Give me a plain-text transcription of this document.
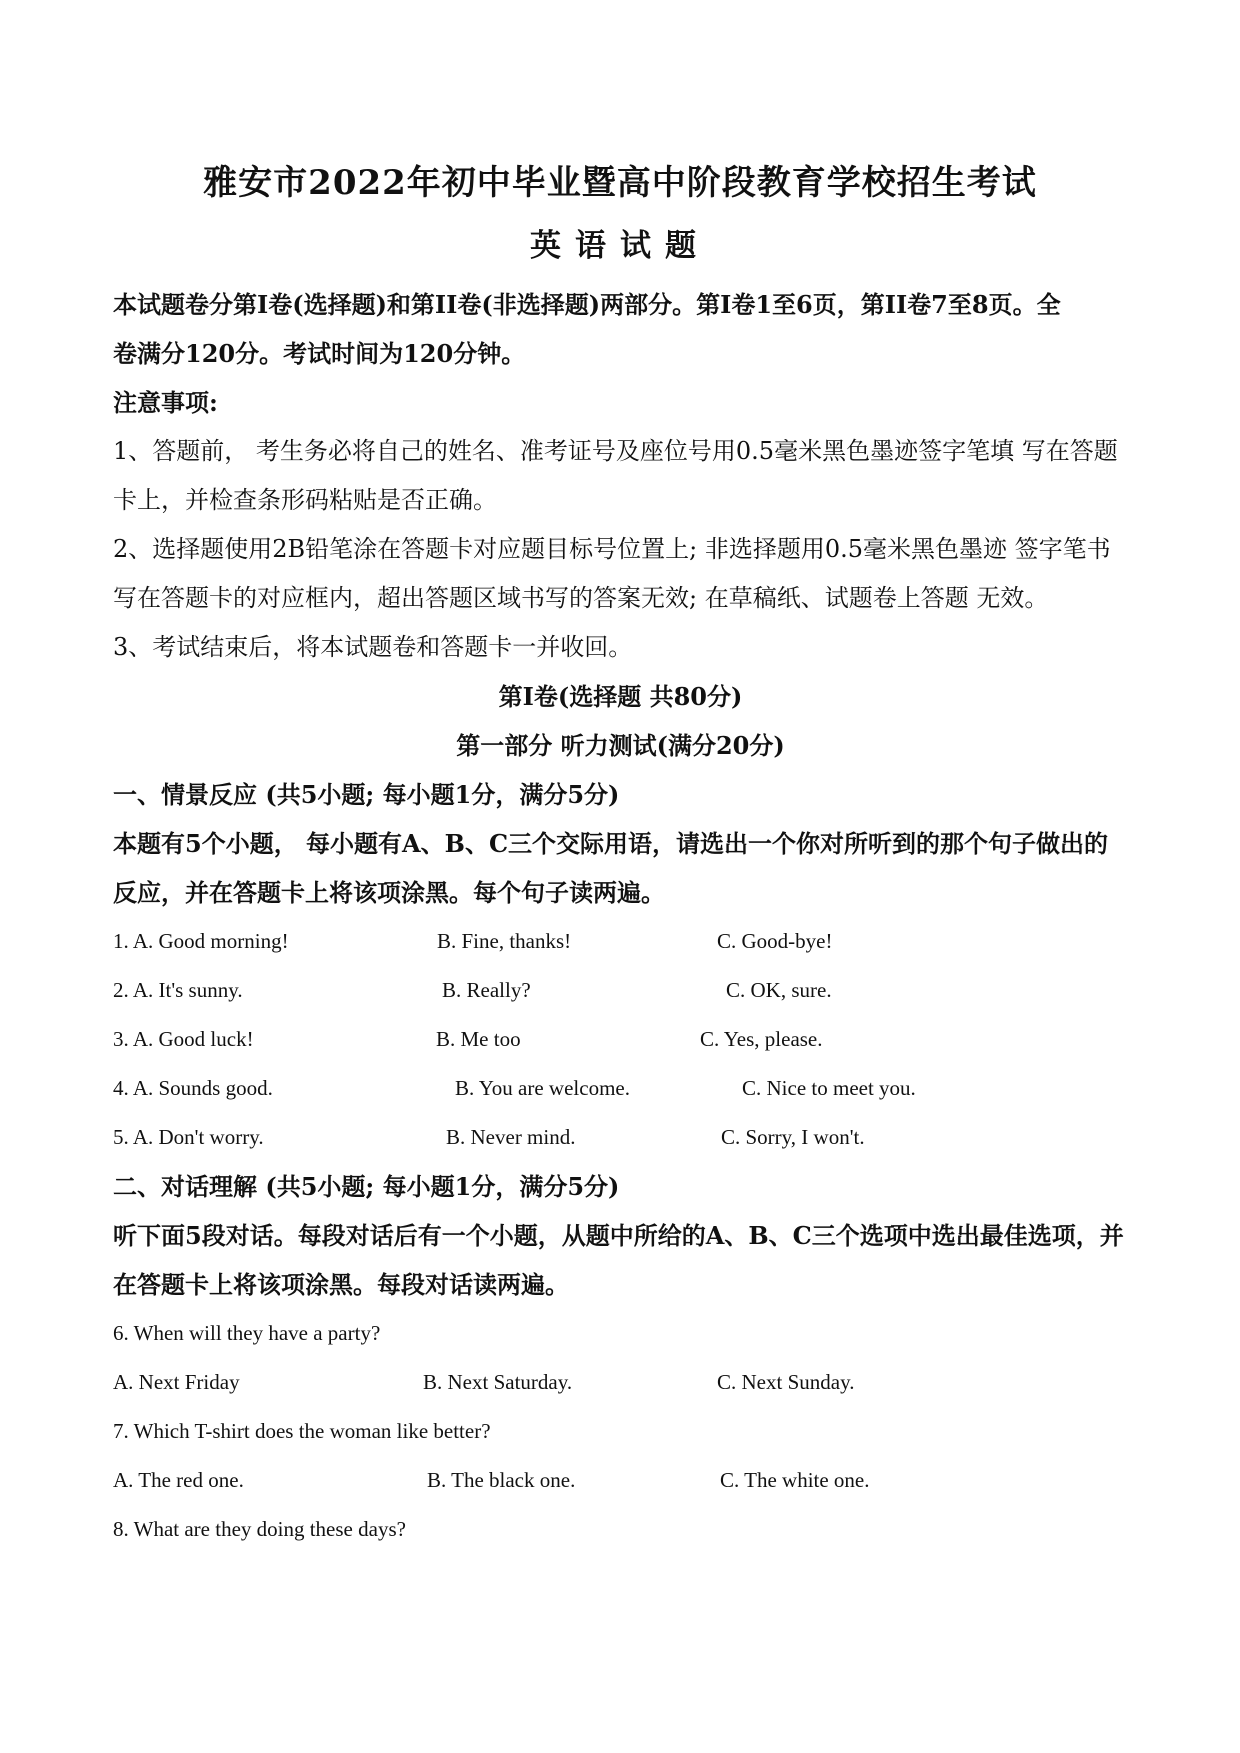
雅安市2022年初中毕业暨高中阶段教育学校招生考试
英语试题

本试题卷分第I卷(选择题)和第II卷(非选择题)两部分。第I卷1至6页，第II卷7至8页。全

卷满分120分。考试时间为120分钟。

注意事项:

1、答题前， 考生务必将自己的姓名、准考证号及座位号用0.5毫米黑色墨迹签字笔填 写在答题卡上，并检查条形码粘贴是否正确。

2、选择题使用2B铅笔涂在答题卡对应题目标号位置上; 非选择题用0.5毫米黑色墨迹 签字笔书写在答题卡的对应框内，超出答题区域书写的答案无效; 在草稿纸、试题卷上答题 无效。

3、考试结束后，将本试题卷和答题卡一并收回。

第I卷(选择题 共80分)

第一部分 听力测试(满分20分)

一、情景反应 (共5小题; 每小题1分，满分5分)

本题有5个小题， 每小题有A、B、C三个交际用语，请选出一个你对所听到的那个句子做出的反应，并在答题卡上将该项涂黑。每个句子读两遍。

1. A. Good morning!	B. Fine, thanks!	C. Good-bye!
2. A. It's sunny.	B. Really?	C. OK, sure.
3. A. Good luck!	B. Me too	C. Yes, please.
4. A. Sounds good.	B. You are welcome.	C. Nice to meet you.
5. A. Don't worry.	B. Never mind.	C. Sorry, I won't.

二、对话理解 (共5小题; 每小题1分，满分5分)

听下面5段对话。每段对话后有一个小题，从题中所给的A、B、C三个选项中选出最佳选项，并在答题卡上将该项涂黑。每段对话读两遍。

6. When will they have a party?

A. Next Friday	B. Next Saturday.	C. Next Sunday.

7. Which T-shirt does the woman like better?

A. The red one.	B. The black one.	C. The white one.

8. What are they doing these days?
